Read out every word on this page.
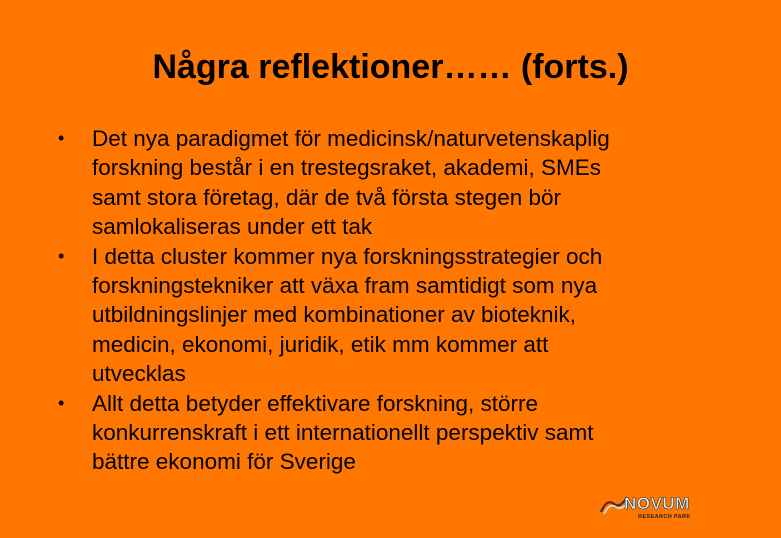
Några reflektioner…… (forts.)
•	Det nya paradigmet för medicinsk/naturvetenskaplig
forskning består i en trestegsraket, akademi, SMEs
samt stora företag, där de två första stegen bör
samlokaliseras under ett tak
•	I detta cluster kommer nya forskningsstrategier och
forskningstekniker att växa fram samtidigt som nya
utbildningslinjer med kombinationer av bioteknik,
medicin, ekonomi, juridik, etik mm kommer att
utvecklas
•	Allt detta betyder effektivare forskning, större
konkurrenskraft i ett internationellt perspektiv samt
bättre ekonomi för Sverige
NOVUM
RESEARCH PARK
